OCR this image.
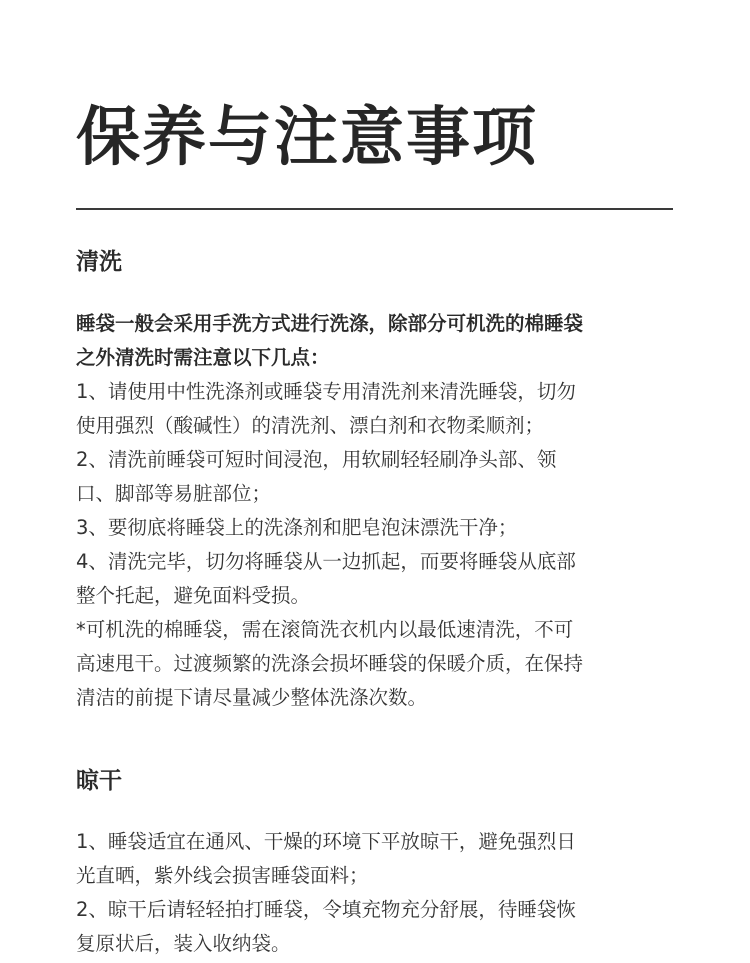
保养与注意事项
清洗

睡袋一般会采用手洗方式进行洗涤，除部分可机洗的棉睡袋
之外清洗时需注意以下几点：

1、请使用中性洗涤剂或睡袋专用清洗剂来清洗睡袋，切勿
使用强烈（酸碱性）的清洗剂、漂白剂和衣物柔顺剂；

2、清洗前睡袋可短时间浸泡，用软刷轻轻刷净头部、领
口、脚部等易脏部位；

3、要彻底将睡袋上的洗涤剂和肥皂泡沫漂洗干净；

4、清洗完毕，切勿将睡袋从一边抓起，而要将睡袋从底部
整个托起，避免面料受损。

*可机洗的棉睡袋，需在滚筒洗衣机内以最低速清洗，不可
高速甩干。过渡频繁的洗涤会损坏睡袋的保暖介质，在保持
清洁的前提下请尽量减少整体洗涤次数。

晾干

1、睡袋适宜在通风、干燥的环境下平放晾干，避免强烈日
光直晒，紫外线会损害睡袋面料；

2、晾干后请轻轻拍打睡袋，令填充物充分舒展，待睡袋恢
复原状后，装入收纳袋。
